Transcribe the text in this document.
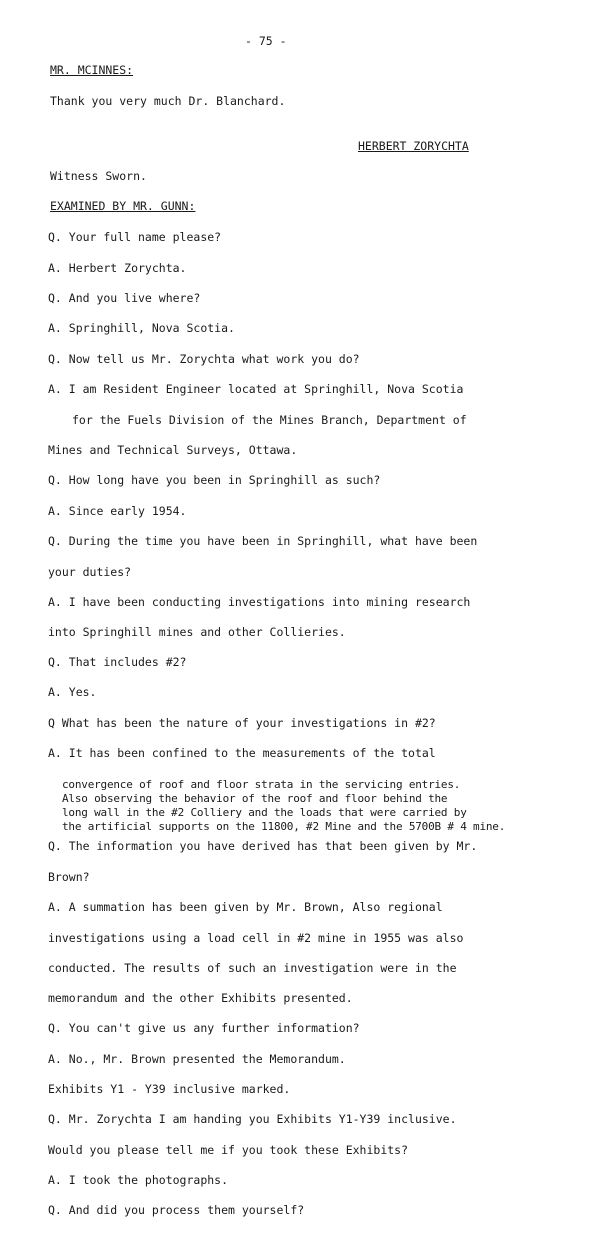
- 75 -
MR. MCINNES:
Thank you very much Dr. Blanchard.
HERBERT ZORYCHTA
Witness Sworn.
EXAMINED BY MR. GUNN:
Q. Your full name please?
A. Herbert Zorychta.
Q. And you live where?
A. Springhill, Nova Scotia.
Q. Now tell us Mr. Zorychta what work you do?
A. I am Resident Engineer located at Springhill, Nova Scotia
for the Fuels Division of the Mines Branch, Department of
Mines and Technical Surveys, Ottawa.
Q. How long have you been in Springhill as such?
A. Since early 1954.
Q. During the time you have been in Springhill, what have been
your duties?
A. I have been conducting investigations into mining research
into Springhill mines and other Collieries.
Q. That includes #2?
A. Yes.
Q What has been the nature of your investigations in #2?
A. It has been confined to the measurements of the total
convergence of roof and floor strata in the servicing entries.
Also observing the behavior of the roof and floor behind the
long wall in the #2 Colliery and the loads that were carried by
the artificial supports on the 11800, #2 Mine and the 5700B # 4 mine.
Q. The information you have derived has that been given by Mr.
Brown?
A. A summation has been given by Mr. Brown, Also regional
investigations using a load cell in #2 mine in 1955 was also
conducted. The results of such an investigation were in the
memorandum and the other Exhibits presented.
Q. You can't give us any further information?
A. No., Mr. Brown presented the Memorandum.
Exhibits Y1 - Y39 inclusive marked.
Q. Mr. Zorychta I am handing you Exhibits Y1-Y39 inclusive.
Would you please tell me if you took these Exhibits?
A. I took the photographs.
Q. And did you process them yourself?
